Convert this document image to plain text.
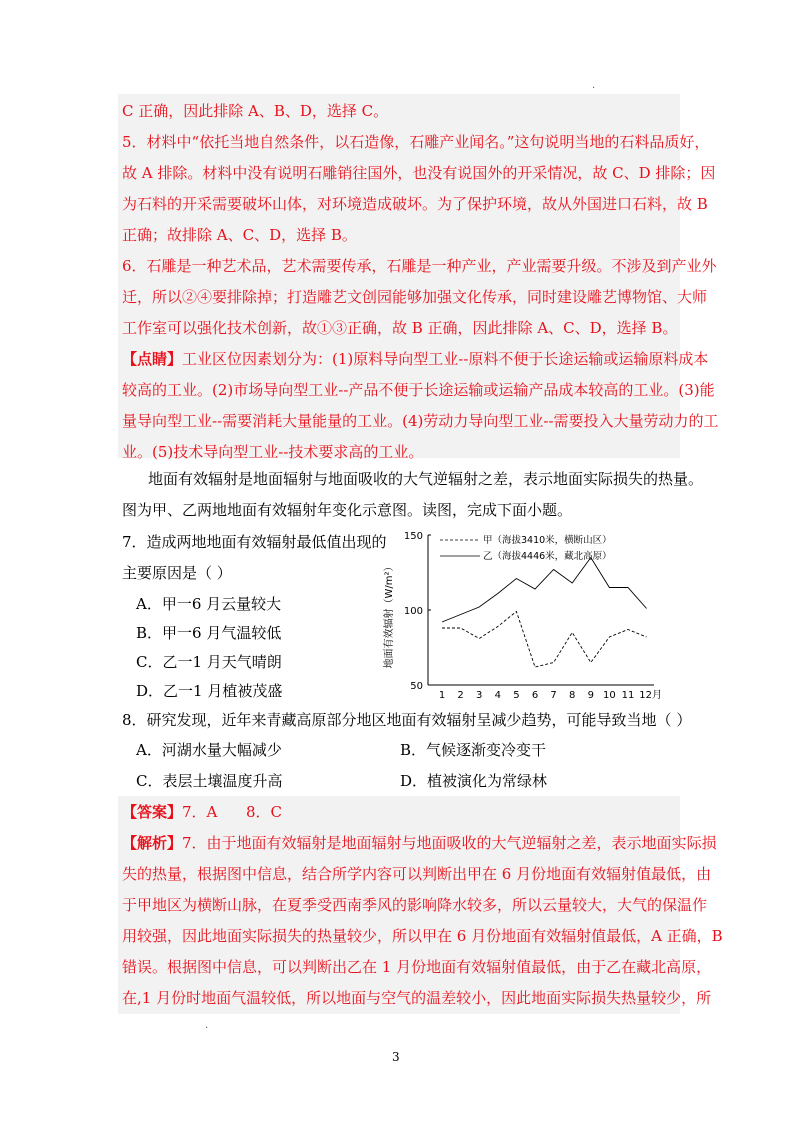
.
.
C 正确，因此排除 A、B、D，选择 C。
5．材料中“依托当地自然条件，以石造像，石雕产业闻名。”这句说明当地的石料品质好，
故 A 排除。材料中没有说明石雕销往国外，也没有说国外的开采情况，故 C、D 排除；因
为石料的开采需要破坏山体，对环境造成破坏。为了保护环境，故从外国进口石料，故 B
正确；故排除 A、C、D，选择 B。
6．石雕是一种艺术品，艺术需要传承，石雕是一种产业，产业需要升级。不涉及到产业外
迁，所以②④要排除掉；打造雕艺文创园能够加强文化传承，同时建设雕艺博物馆、大师
工作室可以强化技术创新，故①③正确，故 B 正确，因此排除 A、C、D，选择 B。
【点睛】工业区位因素划分为：(1)原料导向型工业--原料不便于长途运输或运输原料成本
较高的工业。(2)市场导向型工业--产品不便于长途运输或运输产品成本较高的工业。(3)能
量导向型工业--需要消耗大量能量的工业。(4)劳动力导向型工业--需要投入大量劳动力的工
业。(5)技术导向型工业--技术要求高的工业。
地面有效辐射是地面辐射与地面吸收的大气逆辐射之差，表示地面实际损失的热量。
图为甲、乙两地地面有效辐射年变化示意图。读图，完成下面小题。
7．造成两地地面有效辐射最低值出现的
主要原因是（ ）
A．甲一6 月云量较大
B．甲一6 月气温较低
C．乙一1 月天气晴朗
D．乙一1 月植被茂盛	50
100
150
1 2 3 4 5 6 7 8 9 10 11 12月
地面有效辐射（W/m²）
甲（海拔3410米，横断山区）
乙（海拔4446米，藏北高原）
8．研究发现，近年来青藏高原部分地区地面有效辐射呈减少趋势，可能导致当地（ ）
A．河湖水量大幅减少	B．气候逐渐变冷变干
C．表层土壤温度升高	D．植被演化为常绿林
【答案】7．A      8．C
【解析】7．由于地面有效辐射是地面辐射与地面吸收的大气逆辐射之差，表示地面实际损
失的热量，根据图中信息，结合所学内容可以判断出甲在 6 月份地面有效辐射值最低，由
于甲地区为横断山脉，在夏季受西南季风的影响降水较多，所以云量较大，大气的保温作
用较强，因此地面实际损失的热量较少，所以甲在 6 月份地面有效辐射值最低，A 正确，B
错误。根据图中信息，可以判断出乙在 1 月份地面有效辐射值最低，由于乙在藏北高原，
在,1 月份时地面气温较低，所以地面与空气的温差较小，因此地面实际损失热量较少，所
3
